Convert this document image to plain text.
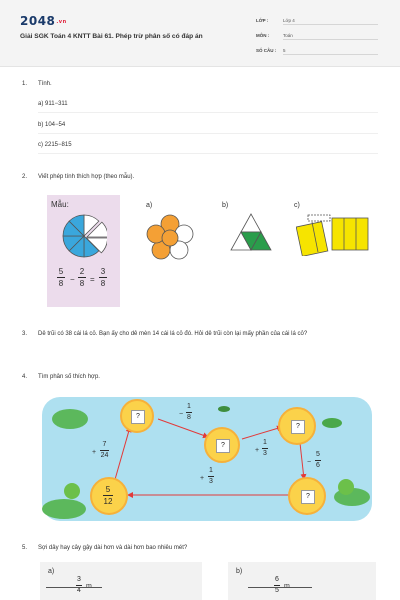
$2048^{.vn}$
Giải SGK Toán 4 KNTT Bài 61. Phép trừ phân số có đáp án
LỚP :	Lớp 4
MÔN :	Toán
SỐ CÂU : 5
1. Tính.
a) 911−311
b) 104−54
c) 2215−815
2. Viết phép tính thích hợp (theo mẫu).
Mẫu:
5
8 −
2
8 =
3
8
a)	b)	c)
3.	Dê trũi có 38 cái lá cỏ. Bạn ấy cho dê mèn 14 cái lá cỏ đó. Hỏi dê trũi còn lại mấy phần của cái lá cỏ?
4. Tìm phân số thích hợp.
?
?
?
?
5
12
+
7
24
−
1
8
+
1
3
−
5
6
+
1
3
5. Sợi dây hay cây gậy dài hơn và dài hơn bao nhiêu mét?
a)
3
4
m
b)
6
5
m
